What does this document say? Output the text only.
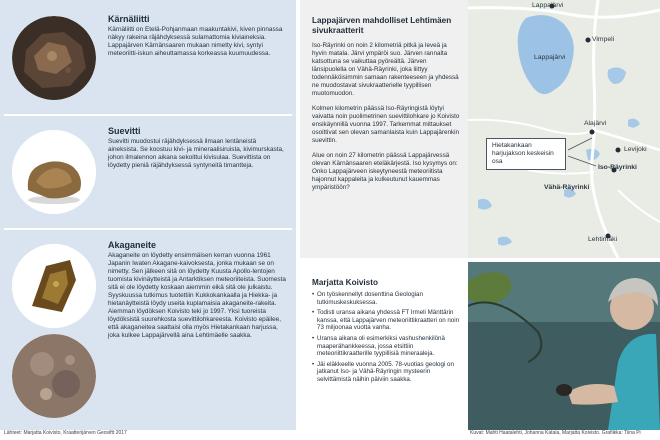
Kärnäliitti

Kärnäliitti on Etelä-Pohjanmaan maakuntakivi, kiven pinnassa näkyy rakeina räjähdyksessä sulamattomia kiviaineksia. Lappajärven Kärnänsaaren mukaan nimetty kivi, syntyi meteoriitti-iskun aiheuttamassa korkeassa kuumuudessa.

Suevitti

Suevitti muodostui räjähdyksessä ilmaan lentäneistä aineksista. Se koostuu kivi- ja mineraalisiruista, kivimurskasta, johon ilmalennon aikana sekoittui kivisulaa. Suevittista on löydetty pieniä räjähdyksessä syntyneitä timantteja.

Akaganeite

Akaganeite on löydetty ensimmäisen kerran vuonna 1961 Japanin Iwaten Akagane-kaivoksesta, jonka mukaan se on nimetty. Sen jälkeen sitä on löydetty Kuusta Apollo-lentojen tuomista kivinäytteistä ja Antarktiksen meteoriiteista. Suomesta sitä ei ole löydetty koskaan aiemmin eikä sitä ole julkaistu. Syyskuussa tutkimus tuotettiin Kukkokankaalla ja Hiekka- ja hietanäytteistä löydy useita kuplamaisia akaganeite-rakeita. Aiemman löydöksen Koivisto teki jo 1997. Yksi tuoreista löydöksistä suurehkosta suevittilohkareesta. Koivisto epäilee, että akaganeitea saattaisi olla myös Hietakankaan harjussa, joka kulkee Lappajärvellä aina Lehtimäelle saakka.

Lappajärven mahdolliset Lehtimäen sivukraatterit

Iso-Räyrinki on noin 2 kilometriä pitkä ja leveä ja hyvin matala. Järvi ympäröi suo. Järven rannalta katsottuna se vaikuttaa pyöreältä. Järven länsipuolella on Vähä-Räyrinki, joka liittyy todennäköisimmin samaan rakenteeseen ja yhdessä ne muodostavat sivukraatterielle tyypillisen muotomuodon.

Kolmen kilometrin päässä Iso-Räyringistä löytyi vaivatta noin puolimetrinen suevittilohkare jo Koivisto ensikäynnillä vuonna 1997. Tarkemmat mittaukset osoittivat sen olevan samanlaista kuin Lappajärenkin suevittin.

Alue on noin 27 kilometrin päässä Lappajärvessä olevan Kärnänsaaren eteläkärjestä. Iso kysymys on: Onko Lappajärveen iskeytyneestä meteoriitista hajonnut kappaleita ja kulkeutunut kauemmas ympäristöön?

Lappajärvi
Vimpeli
Lappajärvi
Alajärvi
Iso-Räyrinki
Levijoki
Vähä-Räyrinki
Lehtimäki
Hietakankaan harjujakson keskeisin osa
Marjatta Koivisto
• On työskennellyt dosenttina Geologian tutkimuskeskuksessa.
• Todisti uransa aikana yhdessä FT Irmeli Mänttärin kanssa, että Lappajärven meteoriittikraatteri on noin 73 miljoonaa vuotta vanha.
• Uransa aikana oli esimerkiksi vashushenkilönä maaperähankkeessa, jossa etsittiin meteoriittikraatterille tyypillisiä mineraaleja.
• Jäi eläkkeelle vuonna 2005. 78-vuotias geologi on jatkanut Iso- ja Vähä-Räyringin mysteerin selvittämistä näihin päiviin saakka.
Lähteet: Marjatta Koivisto, Kraatterijärven Geosiftt 2017	Kuvat: Mahti Haatalehti, Johanna Katala, Marjatta Koivisto. Grafiikka: Tiina Pi
